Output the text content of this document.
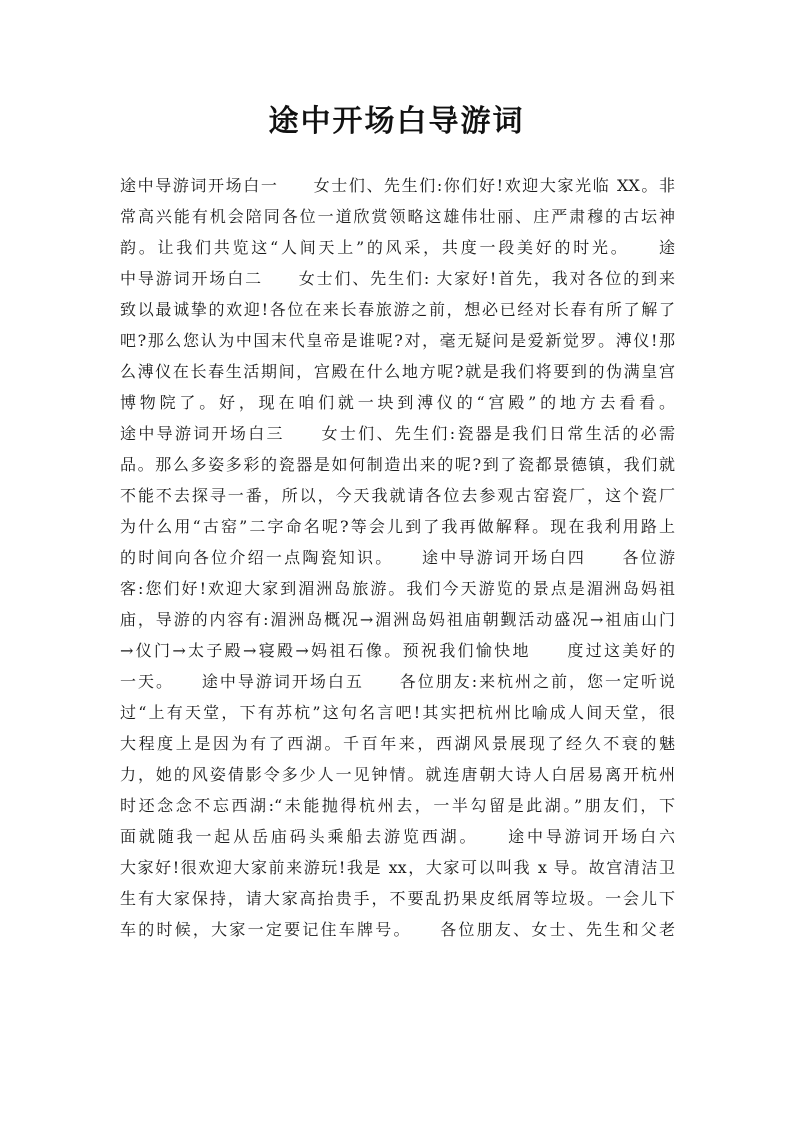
途中开场白导游词
途中导游词开场白一　　女士们、先生们:你们好!欢迎大家光临 XX。非
常高兴能有机会陪同各位一道欣赏领略这雄伟壮丽、庄严肃穆的古坛神
韵。让我们共览这“人间天上”的风采，共度一段美好的时光。　　途
中导游词开场白二　　女士们、先生们: 大家好!首先，我对各位的到来
致以最诚挚的欢迎!各位在来长春旅游之前，想必已经对长春有所了解了
吧?那么您认为中国末代皇帝是谁呢?对，毫无疑问是爱新觉罗。溥仪!那
么溥仪在长春生活期间，宫殿在什么地方呢?就是我们将要到的伪满皇宫
博物院了。好，现在咱们就一块到溥仪的“宫殿”的地方去看看。
途中导游词开场白三　　女士们、先生们:瓷器是我们日常生活的必需
品。那么多姿多彩的瓷器是如何制造出来的呢?到了瓷都景德镇，我们就
不能不去探寻一番，所以，今天我就请各位去参观古窑瓷厂，这个瓷厂
为什么用“古窑”二字命名呢?等会儿到了我再做解释。现在我利用路上
的时间向各位介绍一点陶瓷知识。　　途中导游词开场白四　　各位游
客:您们好!欢迎大家到湄洲岛旅游。我们今天游览的景点是湄洲岛妈祖
庙，导游的内容有:湄洲岛概况→湄洲岛妈祖庙朝觐活动盛况→祖庙山门
→仪门→太子殿→寝殿→妈祖石像。预祝我们愉快地　　度过这美好的
一天。　　途中导游词开场白五　　各位朋友:来杭州之前，您一定听说
过“上有天堂，下有苏杭”这句名言吧!其实把杭州比喻成人间天堂，很
大程度上是因为有了西湖。千百年来，西湖风景展现了经久不衰的魅
力，她的风姿倩影令多少人一见钟情。就连唐朝大诗人白居易离开杭州
时还念念不忘西湖:“未能抛得杭州去，一半勾留是此湖。”朋友们，下
面就随我一起从岳庙码头乘船去游览西湖。　　途中导游词开场白六
大家好!很欢迎大家前来游玩!我是 xx，大家可以叫我 x 导。故宫清洁卫
生有大家保持，请大家高抬贵手，不要乱扔果皮纸屑等垃圾。一会儿下
车的时候，大家一定要记住车牌号。　　各位朋友、女士、先生和父老
